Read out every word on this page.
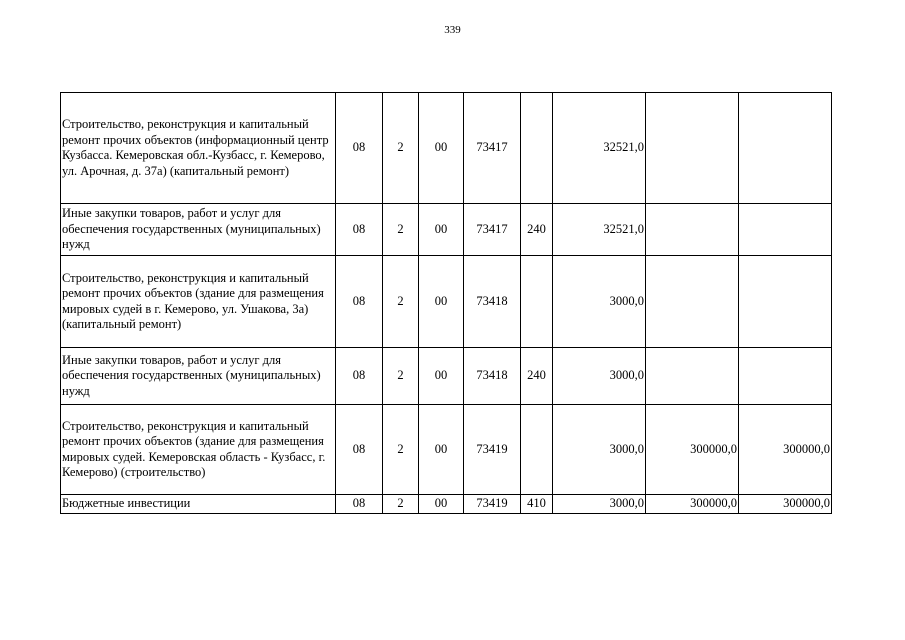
339
Строительство, реконструкция и капитальный ремонт прочих объектов (информационный центр Кузбасса. Кемеровская обл.-Кузбасс, г. Кемерово, ул. Арочная, д. 37а) (капитальный ремонт)	08	2	00	73417		32521,0		
Иные закупки товаров, работ и услуг для обеспечения государственных (муниципальных) нужд	08	2	00	73417	240	32521,0		
Строительство, реконструкция и капитальный ремонт прочих объектов (здание для размещения мировых судей в г. Кемерово, ул. Ушакова, 3а) (капитальный ремонт)	08	2	00	73418		3000,0		
Иные закупки товаров, работ и услуг для обеспечения государственных (муниципальных) нужд	08	2	00	73418	240	3000,0		
Строительство, реконструкция и капитальный ремонт прочих объектов (здание для размещения мировых судей. Кемеровская область - Кузбасс, г. Кемерово) (строительство)	08	2	00	73419		3000,0	300000,0	300000,0
Бюджетные инвестиции	08	2	00	73419	410	3000,0	300000,0	300000,0
